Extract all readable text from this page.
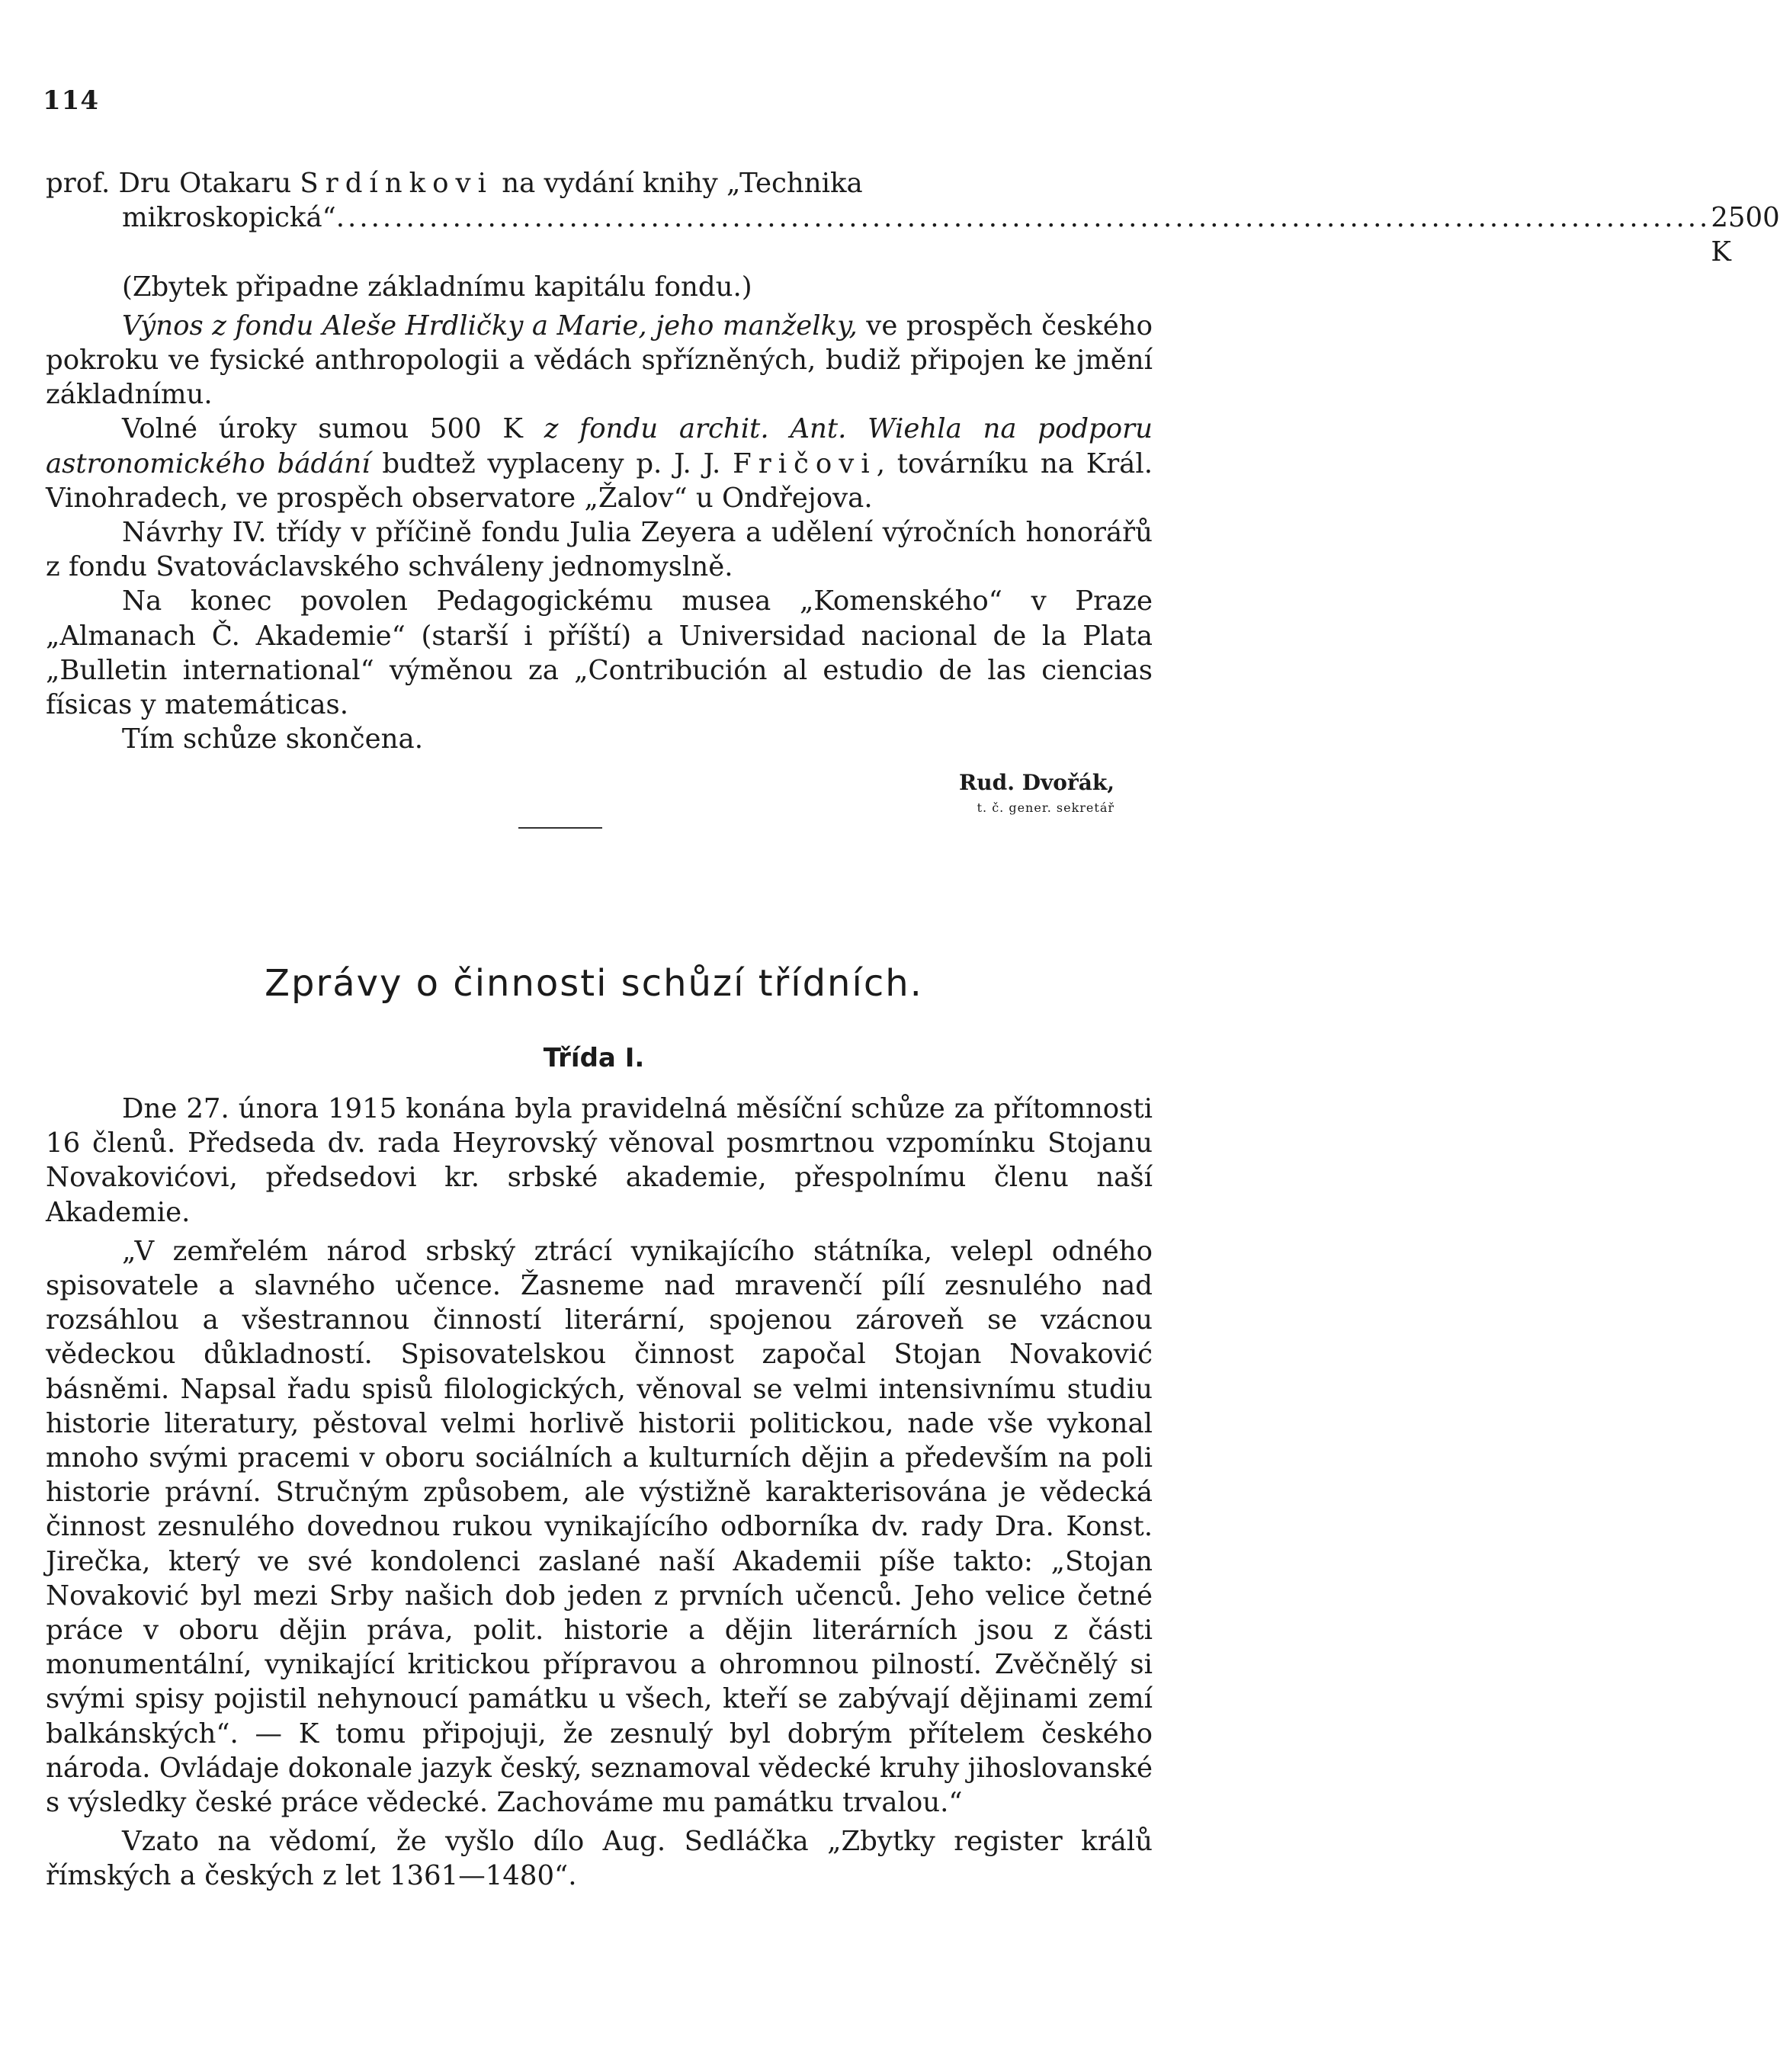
114

prof. Dru Otakaru Srdínkovi na vydání knihy „Technika

mikroskopická“ ...................................................................................................................... 2500 K

(Zbytek připadne základnímu kapitálu fondu.)

Výnos z fondu Aleše Hrdličky a Marie, jeho manželky, ve prospěch českého pokroku ve fysické anthropologii a vědách spřízněných, budiž připojen ke jmění základnímu.

Volné úroky sumou 500 K z fondu archit. Ant. Wiehla na podporu astronomického bádání budtež vyplaceny p. J. J. Fričovi, továrníku na Král. Vinohradech, ve prospěch observatore „Žalov“ u Ondřejova.

Návrhy IV. třídy v příčině fondu Julia Zeyera a udělení výročních honorářů z fondu Svatováclavského schváleny jednomyslně.

Na konec povolen Pedagogickému musea „Komenského“ v Praze „Almanach Č. Akademie“ (starší i příští) a Universidad nacional de la Plata „Bulletin international“ výměnou za „Contribución al estudio de las ciencias físicas y matemáticas.

Tím schůze skončena.

Rud. Dvořák,
t. č. gener. sekretář
Zprávy o činnosti schůzí třídních.
Třída I.

Dne 27. února 1915 konána byla pravidelná měsíční schůze za přítomnosti 16 členů. Předseda dv. rada Heyrovský věnoval posmrtnou vzpomínku Stojanu Novakovićovi, předsedovi kr. srbské akademie, přespolnímu členu naší Akademie.

„V zemřelém národ srbský ztrácí vynikajícího státníka, velepl odného spisovatele a slavného učence. Žasneme nad mravenčí pílí zesnulého nad rozsáhlou a všestrannou činností literární, spojenou zároveň se vzácnou vědeckou důkladností. Spisovatelskou činnost započal Stojan Novaković básněmi. Napsal řadu spisů filologických, věnoval se velmi intensivnímu studiu historie literatury, pěstoval velmi horlivě historii politickou, nade vše vykonal mnoho svými pracemi v oboru sociálních a kulturních dějin a především na poli historie právní. Stručným způsobem, ale výstižně karakterisována je vědecká činnost zesnulého dovednou rukou vynikajícího odborníka dv. rady Dra. Konst. Jirečka, který ve své kondolenci zaslané naší Akademii píše takto: „Stojan Novaković byl mezi Srby našich dob jeden z prvních učenců. Jeho velice četné práce v oboru dějin práva, polit. historie a dějin literárních jsou z části monumentální, vynikající kritickou přípravou a ohromnou pilností. Zvěčnělý si svými spisy pojistil nehynoucí památku u všech, kteří se zabývají dějinami zemí balkánských“. — K tomu připojuji, že zesnulý byl dobrým přítelem českého národa. Ovládaje dokonale jazyk český, seznamoval vědecké kruhy jihoslovanské s výsledky české práce vědecké. Zachováme mu památku trvalou.“

Vzato na vědomí, že vyšlo dílo Aug. Sedláčka „Zbytky register králů římských a českých z let 1361—1480“.
